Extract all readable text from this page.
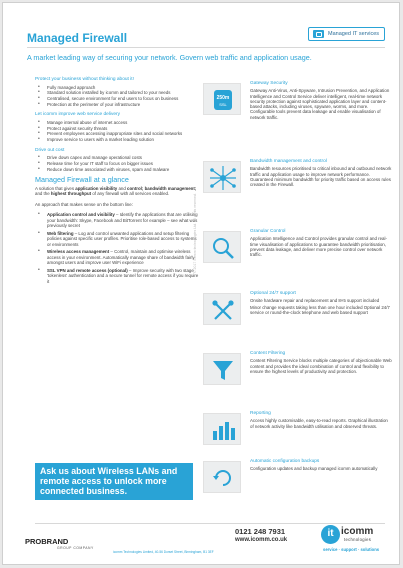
Managed Firewall	Managed IT services
A market leading way of securing your network. Govern web traffic and application usage.
Protect your business without thinking about it!
• Fully managed approach
• Standard solution installed by icomm and tailored to your needs
• Centralised, secure environment for end users to focus on business
• Protection at the perimeter of your infrastructure
Let icomm improve web service delivery
• Manage internal abuse of internet access
• Protect against security threats
• Prevent employees accessing inappropriate sites and social networks
• Improve service to users with a market leading solution
Drive out cost
• Drive down capex and manage operational costs
• Release time for your IT staff to focus on bigger issues
• Reduce down time associated with viruses, spam and malware
Managed Firewall at a glance

A solution that gives application visibility and control; bandwidth management; and the highest throughput of any firewall with all services enabled.

An approach that makes sense on the bottom line:

• Application control and visibility – Identify the applications that are utilising your bandwidth: Skype, Facebook and BitTorrent for example – see what was previously secret
• Web filtering – Log and control unwanted applications and setup filtering policies against specific user profiles. Prioritise role-based access to systems or environments
• Wireless access management – Control, maintain and optimise wireless access in your environment. Automatically manage share of bandwidth fairly amongst users and improve user WiFi experience
• SSL VPN and remote access (optional) – Improve security with two stage 'tokenless' authentication and a secure tunnel for remote access if you require it
Ask us about Wireless LANs and remote access to unlock more connected business.
© 2017 icomm technologies Ltd. All rights reserved.
250m
SSL
Gateway Security
Gateway Anti-Virus, Anti-Spyware, Intrusion Prevention, and Application Intelligence and Control Service deliver intelligent, real-time network security protection against sophisticated application layer and content-based attacks, including viruses, spyware, worms, and more. Configurable tools prevent data leakage and enable visualisation of network traffic.
Bandwidth management and control
Bandwidth resources prioritised to critical inbound and outbound network traffic and application usage to improve network performance. Guaranteed minimum bandwidth for priority traffic based on access rules created in the Firewall.
Granular Control
Application Intelligence and Control provides granular control and real-time visualisation of applications to guarantee bandwidth prioritisation, prevent data leakage, and deliver more precise control over network traffic.
Optional 24/7 support
Onsite hardware repair and replacement and 8×5 support included
Minor change requests taking less than one hour included Optional 24/7 service or round-the-clock telephone and web based support
Content Filtering
Content Filtering Service blocks multiple categories of objectionable Web content and provides the ideal combination of control and flexibility to ensure the highest levels of productivity and protection.
Reporting
Access highly customisable, easy-to-read reports. Graphical illustration of network activity like bandwidth utilisation and observed threats.
Automatic configuration backups
Configuration updates and backup managed icomm automatically
PROBRAND
GROUP COMPANY
0121 248 7931
www.icomm.co.uk
icomm Technologies Limited, 40-56 Dorset Street, Birmingham, B1 3EF
it icomm
technologies
service · support · solutions
